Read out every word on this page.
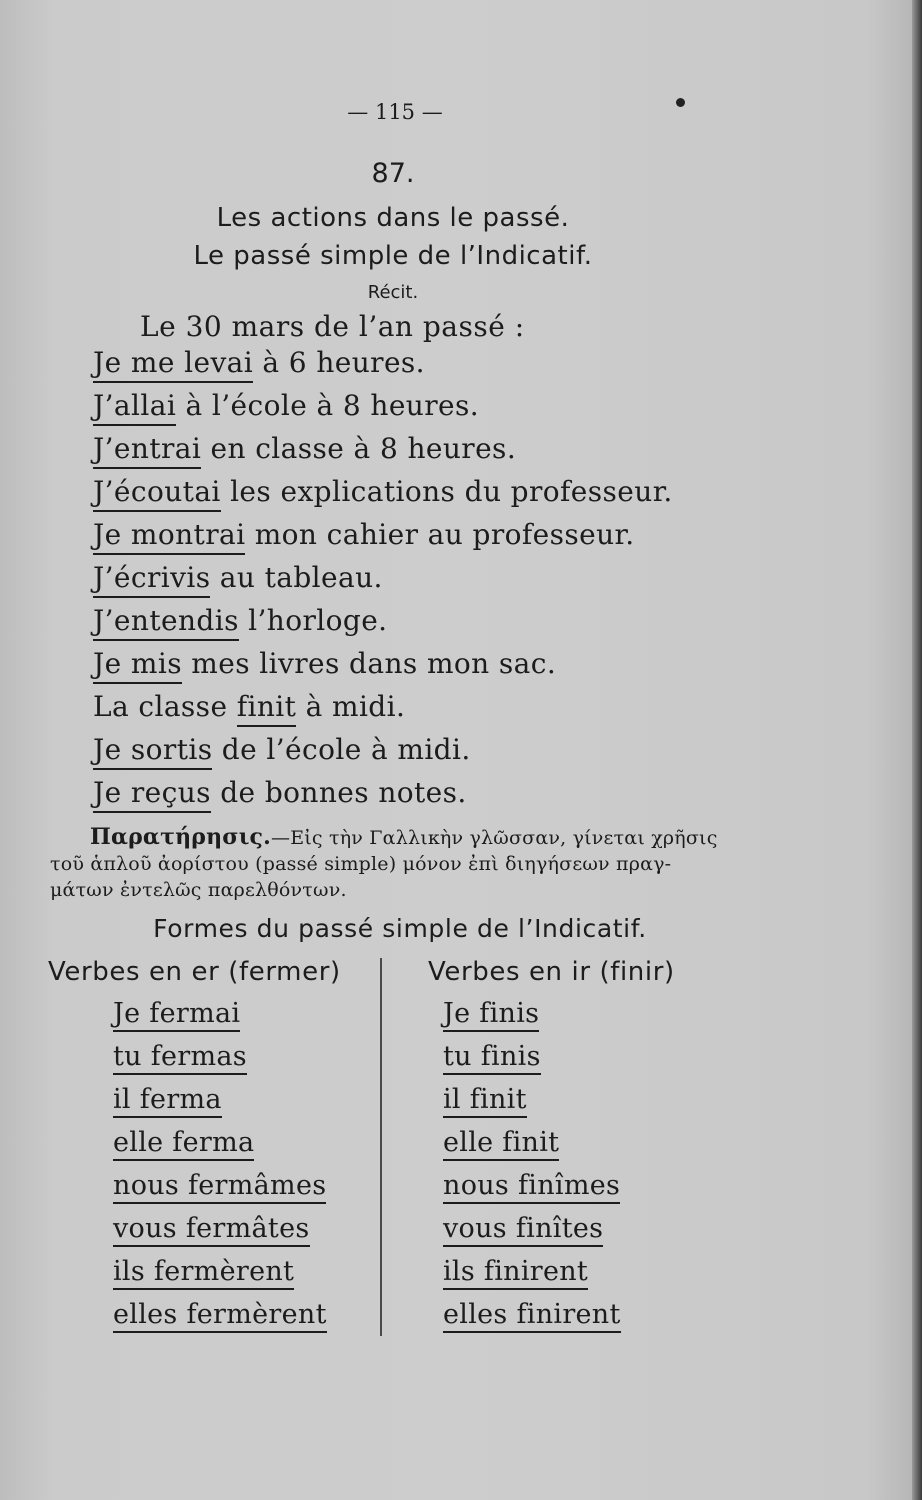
— 115 —
87.
Les actions dans le passé.
Le passé simple de l’Indicatif.
Récit.
Le 30 mars de l’an passé :
Je me levai à 6 heures.
J’allai à l’école à 8 heures.
J’entrai en classe à 8 heures.
J’écoutai les explications du professeur.
Je montrai mon cahier au professeur.
J’écrivis au tableau.
J’entendis l’horloge.
Je mis mes livres dans mon sac.
La classe finit à midi.
Je sortis de l’école à midi.
Je reçus de bonnes notes.
Παρατήρησις.—Εἰς τὴν Γαλλικὴν γλῶσσαν, γίνεται χρῆσις
τοῦ ἁπλοῦ ἀορίστου (passé simple) μόνον ἐπὶ διηγήσεων πραγ-
μάτων ἐντελῶς παρελθόντων.
Formes du passé simple de l’Indicatif.
Verbes en er (fermer)	Verbes en ir (finir)
Je fermai
tu fermas
il ferma
elle ferma
nous fermâmes
vous fermâtes
ils fermèrent
elles fermèrent
Je finis
tu finis
il finit
elle finit
nous finîmes
vous finîtes
ils finirent
elles finirent
